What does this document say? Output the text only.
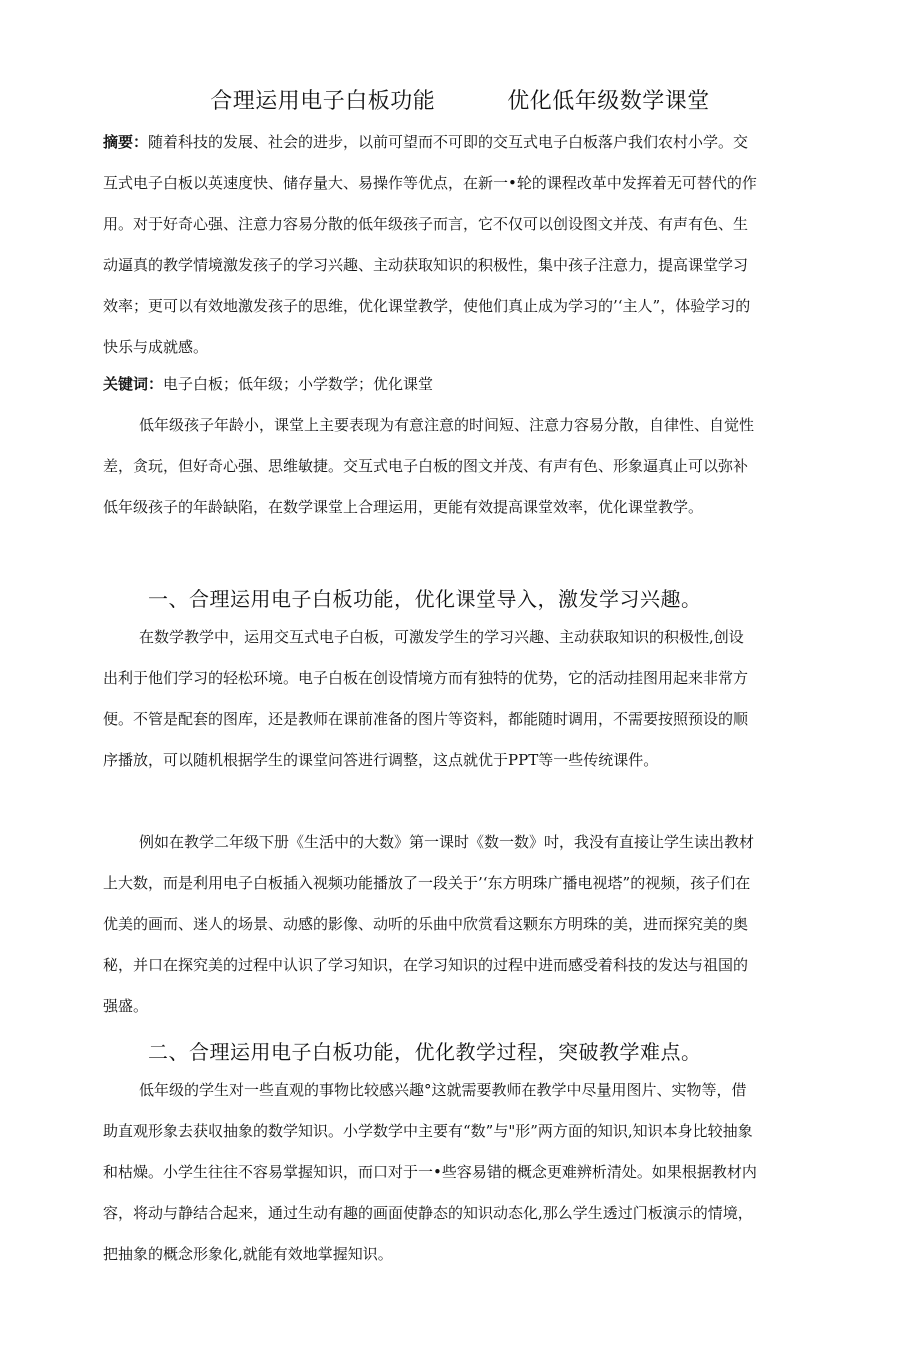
合理运用电子白板功能	优化低年级数学课堂

摘要：随着科技的发展、社会的进步，以前可望而不可即的交互式电子白板落户我们农村小学。交互式电子白板以英速度快、储存量大、易操作等优点，在新一•轮的课程改革中发挥着无可替代的作用。对于好奇心强、注意力容易分散的低年级孩子而言，它不仅可以创设图文并茂、有声有色、生动逼真的教学情境激发孩子的学习兴趣、主动获取知识的积极性，集中孩子注意力，提高课堂学习效率；更可以有效地激发孩子的思维，优化课堂教学，使他们真止成为学习的’‘主人”，体验学习的快乐与成就感。

关键词：电子白板；低年级；小学数学；优化课堂

低年级孩子年龄小，课堂上主要表现为有意注意的时间短、注意力容易分散，自律性、自觉性差，贪玩，但好奇心强、思维敏捷。交互式电子白板的图文并茂、有声有色、形象逼真止可以弥补低年级孩子的年龄缺陷，在数学课堂上合理运用，更能有效提高课堂效率，优化课堂教学。

一、合理运用电子白板功能，优化课堂导入，激发学习兴趣。

在数学教学中，运用交互式电子白板，可激发学生的学习兴趣、主动获取知识的积极性,创设出利于他们学习的轻松环境。电子白板在创设情境方而有独特的优势，它的活动挂图用起来非常方便。不管是配套的图库，还是教师在课前准备的图片等资料，都能随时调用，不需要按照预设的顺序播放，可以随机根据学生的课堂问答进行调整，这点就优于PPT等一些传统课件。

例如在教学二年级下册《生活中的大数》第一课时《数一数》吋，我没有直接让学生读出教材上大数，而是利用电子白板插入视频功能播放了一段关于’‘东方明珠广播电视塔”的视频，孩子们在优美的画而、迷人的场景、动感的影像、动听的乐曲中欣赏看这颗东方明珠的美，进而探究美的奥秘，并口在探究美的过程中认识了学习知识，在学习知识的过程中进而感受着科技的发达与祖国的强盛。

二、合理运用电子白板功能，优化教学过程，突破教学难点。

低年级的学生对一些直观的事物比较感兴趣°这就需要教师在教学中尽量用图片、实物等，借助直观形象去获収抽象的数学知识。小学数学中主要有“数”与"形”两方面的知识,知识本身比较抽象和枯燥。小学生往往不容易掌握知识，而口对于一•些容易错的概念更难辨析清处。如果根据教材内容，将动与静结合起来，通过生动有趣的画面使静态的知识动态化,那么学生透过门板演示的情境，把抽象的概念形象化,就能有效地掌握知识。
